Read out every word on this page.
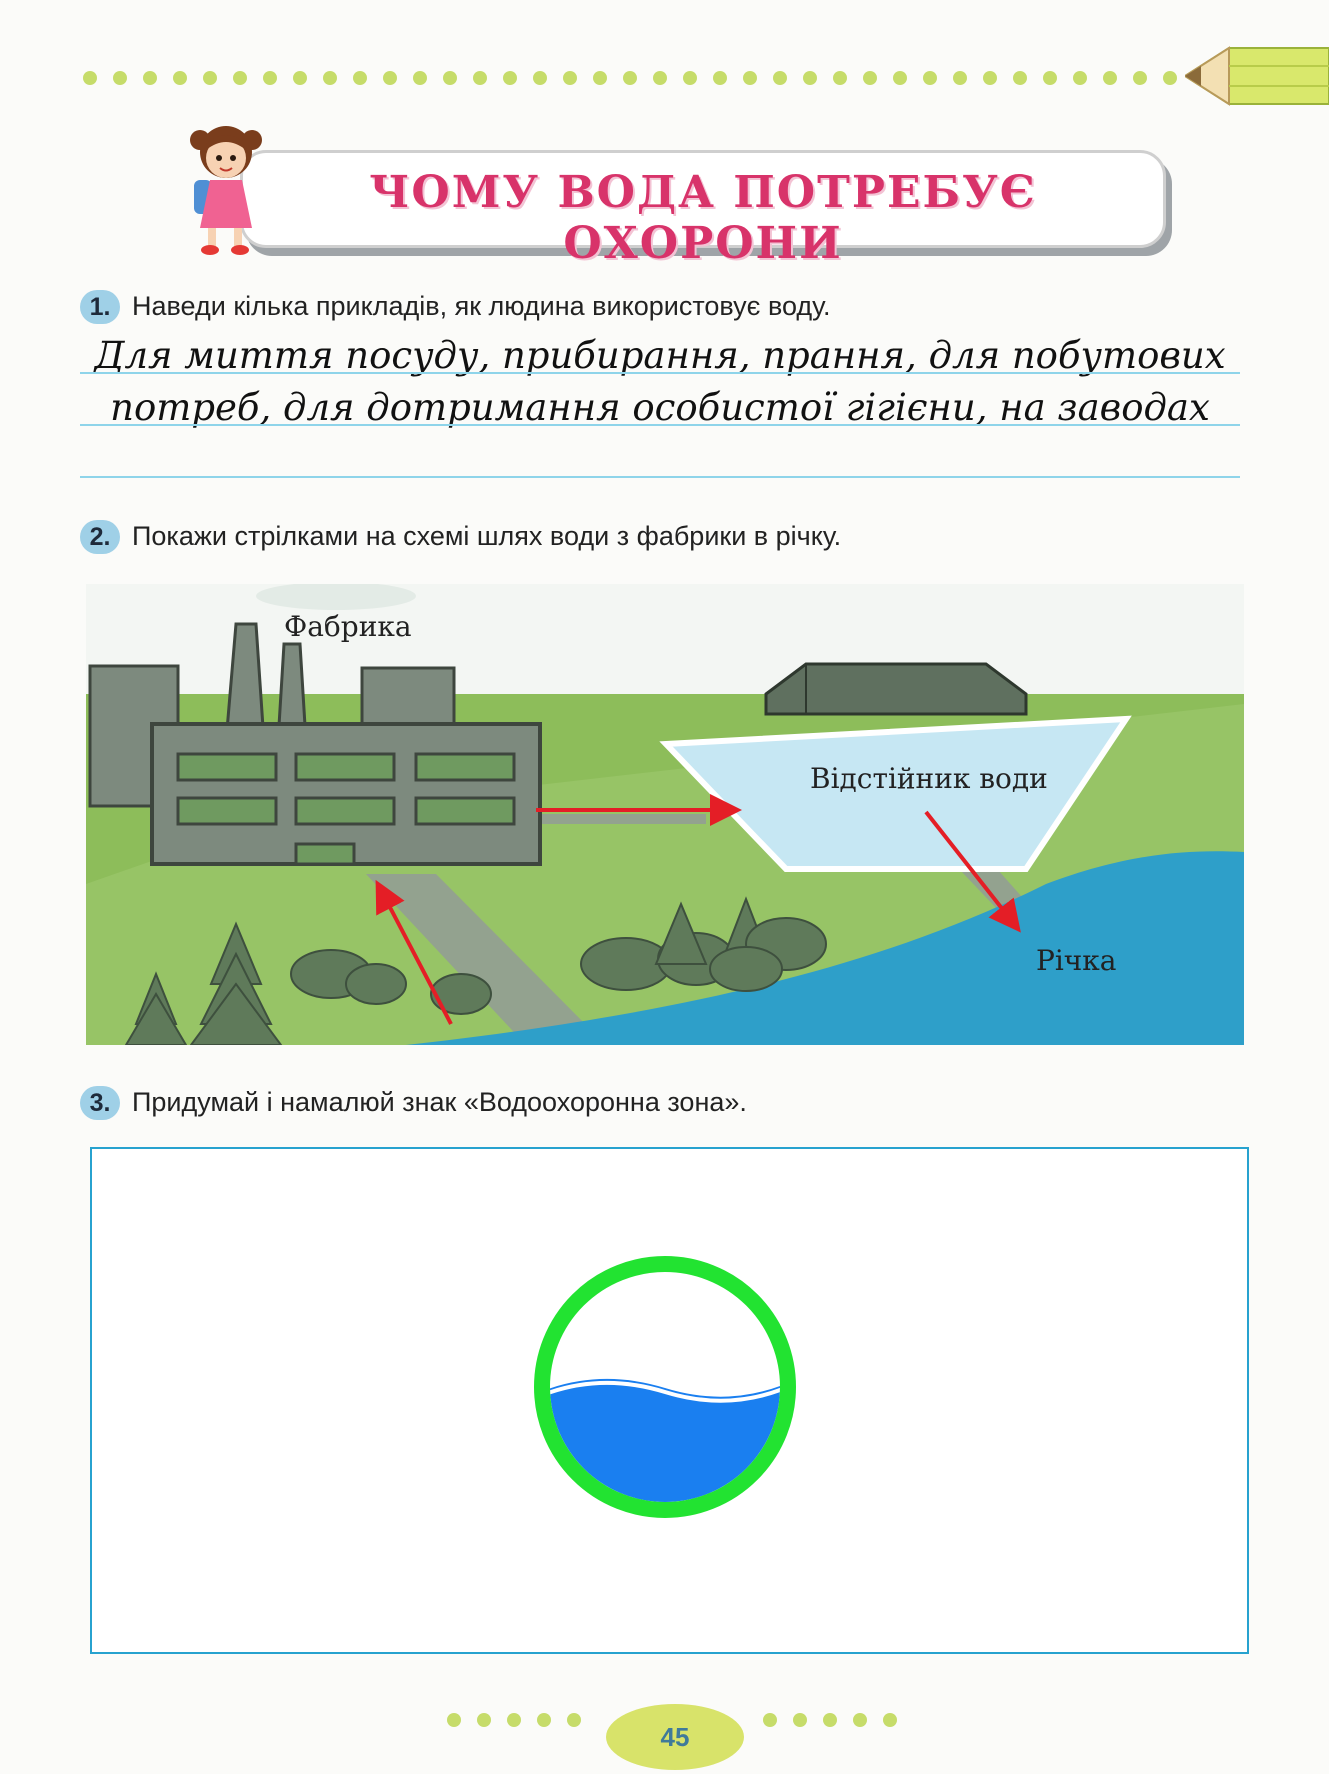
ЧОМУ ВОДА ПОТРЕБУЄ ОХОРОНИ
1. Наведи кілька прикладів, як людина використовує воду.
Для миття посуду, прибирання, прання, для побутових
потреб, для дотримання особистої гігієни, на заводах
2. Покажи стрілками на схемі шлях води з фабрики в річку.
Фабрика
Відстійник води
Річка
3. Придумай і намалюй знак «Водоохоронна зона».
45
